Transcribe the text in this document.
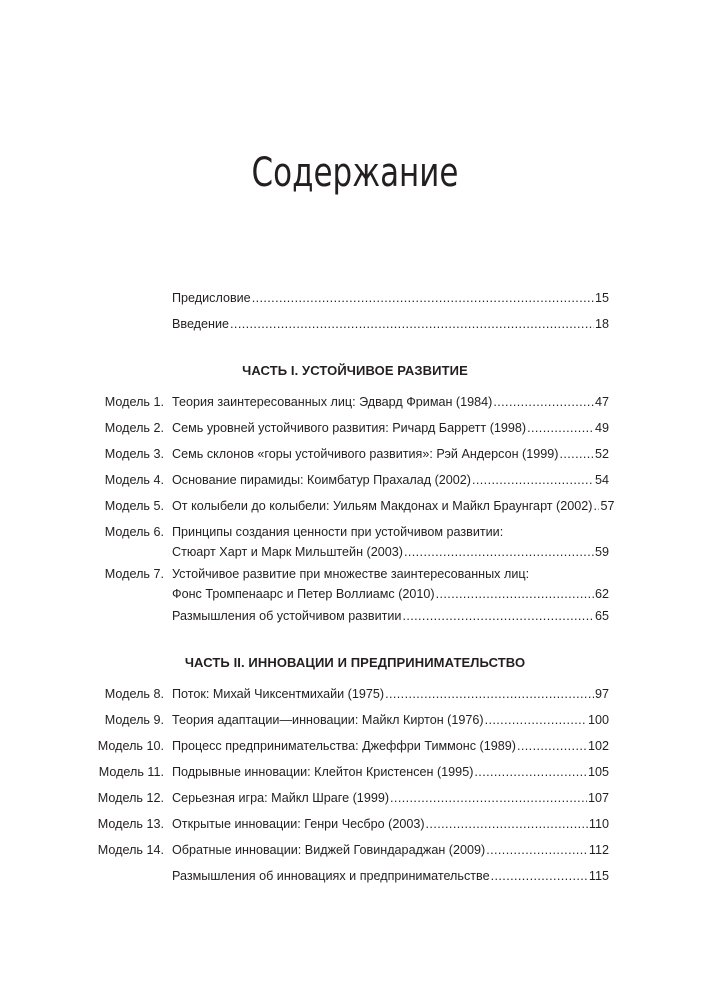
Содержание
Предисловие .....	15
Введение .....	18
ЧАСТЬ I. УСТОЙЧИВОЕ РАЗВИТИЕ
Модель 1. Теория заинтересованных лиц: Эдвард Фриман (1984) .....	47
Модель 2. Семь уровней устойчивого развития: Ричард Барретт (1998) .....	49
Модель 3. Семь склонов «горы устойчивого развития»: Рэй Андерсон (1999) .....	52
Модель 4. Основание пирамиды: Коимбатур Прахалад (2002) .....	54
Модель 5. От колыбели до колыбели: Уильям Макдонах и Майкл Браунгарт (2002) ..... 57
Модель 6. Принципы создания ценности при устойчивом развитии:
Стюарт Харт и Марк Мильштейн (2003) .....	59
Модель 7. Устойчивое развитие при множестве заинтересованных лиц:
Фонс Тромпенаарс и Петер Воллиамс (2010) .....	62
Размышления об устойчивом развитии .....	65
ЧАСТЬ II. ИННОВАЦИИ И ПРЕДПРИНИМАТЕЛЬСТВО
Модель 8. Поток: Михай Чиксентмихайи (1975) .....	97
Модель 9. Теория адаптации—инновации: Майкл Киртон (1976) .....	100
Модель 10. Процесс предпринимательства: Джеффри Тиммонс (1989) .....	102
Модель 11. Подрывные инновации: Клейтон Кристенсен (1995) .....	105
Модель 12. Серьезная игра: Майкл Шраге (1999) .....	107
Модель 13. Открытые инновации: Генри Чесбро (2003) .....	110
Модель 14. Обратные инновации: Виджей Говиндараджан (2009) .....	112
Размышления об инновациях и предпринимательстве .....	115
